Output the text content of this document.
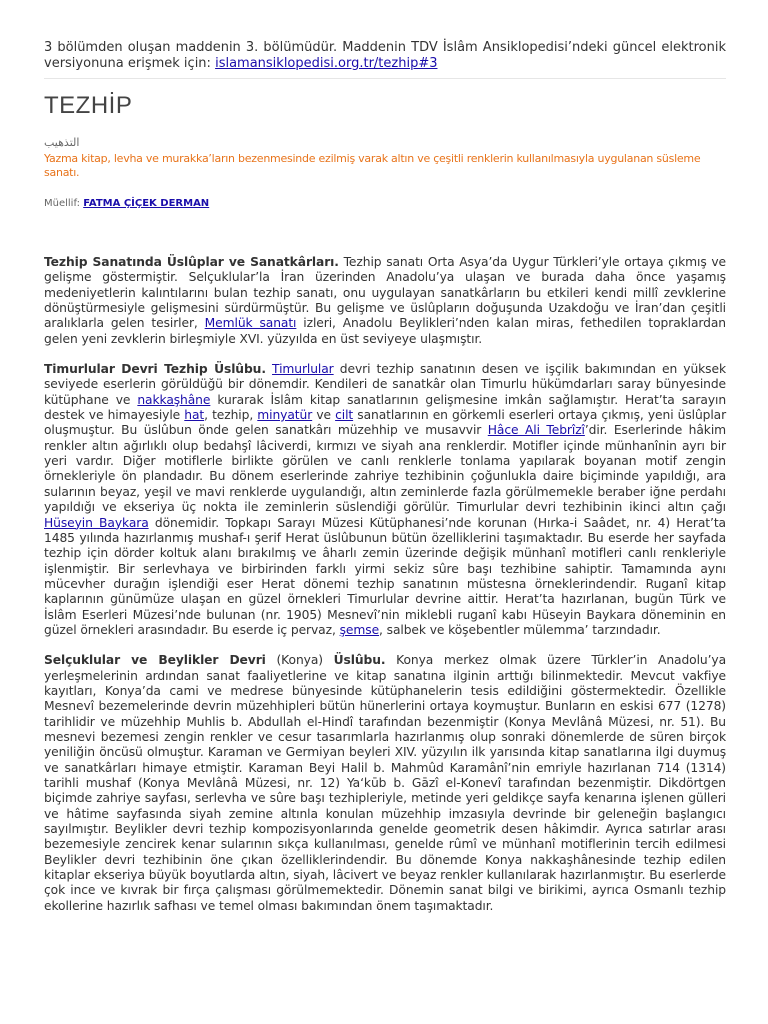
3 bölümden oluşan maddenin 3. bölümüdür. Maddenin TDV İslâm Ansiklopedisi’ndeki güncel elektronik versiyonuna erişmek için: islamansiklopedisi.org.tr/tezhip#3

TEZHİP

التذهيب

Yazma kitap, levha ve murakka’ların bezenmesinde ezilmiş varak altın ve çeşitli renklerin kullanılmasıyla uygulanan süsleme sanatı.

Müellif: FATMA ÇİÇEK DERMAN

Tezhip Sanatında Üslûplar ve Sanatkârları. Tezhip sanatı Orta Asya’da Uygur Türkleri’yle ortaya çıkmış ve gelişme göstermiştir. Selçuklular’la İran üzerinden Anadolu’ya ulaşan ve burada daha önce yaşamış medeniyetlerin kalıntılarını bulan tezhip sanatı, onu uygulayan sanatkârların bu etkileri kendi millî zevklerine dönüştürmesiyle gelişmesini sürdürmüştür. Bu gelişme ve üslûpların doğuşunda Uzakdoğu ve İran’dan çeşitli aralıklarla gelen tesirler, Memlük sanatı izleri, Anadolu Beylikleri’nden kalan miras, fethedilen topraklardan gelen yeni zevklerin birleşmiyle XVI. yüzyılda en üst seviyeye ulaşmıştır.

Timurlular Devri Tezhip Üslûbu. Timurlular devri tezhip sanatının desen ve işçilik bakımından en yüksek seviyede eserlerin görüldüğü bir dönemdir. Kendileri de sanatkâr olan Timurlu hükümdarları saray bünyesinde kütüphane ve nakkaşhâne kurarak İslâm kitap sanatlarının gelişmesine imkân sağlamıştır. Herat’ta sarayın destek ve himayesiyle hat, tezhip, minyatür ve cilt sanatlarının en görkemli eserleri ortaya çıkmış, yeni üslûplar oluşmuştur. Bu üslûbun önde gelen sanatkârı müzehhip ve musavvir Hâce Ali Tebrîzî’dir. Eserlerinde hâkim renkler altın ağırlıklı olup bedahşî lâciverdi, kırmızı ve siyah ana renklerdir. Motifler içinde münhanînin ayrı bir yeri vardır. Diğer motiflerle birlikte görülen ve canlı renklerle tonlama yapılarak boyanan motif zengin örnekleriyle ön plandadır. Bu dönem eserlerinde zahriye tezhibinin çoğunlukla daire biçiminde yapıldığı, ara sularının beyaz, yeşil ve mavi renklerde uygulandığı, altın zeminlerde fazla görülmemekle beraber iğne perdahı yapıldığı ve ekseriya üç nokta ile zeminlerin süslendiği görülür. Timurlular devri tezhibinin ikinci altın çağı Hüseyin Baykara dönemidir. Topkapı Sarayı Müzesi Kütüphanesi’nde korunan (Hırka-i Saâdet, nr. 4) Herat’ta 1485 yılında hazırlanmış mushaf-ı şerif Herat üslûbunun bütün özelliklerini taşımaktadır. Bu eserde her sayfada tezhip için dörder koltuk alanı bırakılmış ve âharlı zemin üzerinde değişik münhanî motifleri canlı renkleriyle işlenmiştir. Bir serlevhaya ve birbirinden farklı yirmi sekiz sûre başı tezhibine sahiptir. Tamamında aynı mücevher durağın işlendiği eser Herat dönemi tezhip sanatının müstesna örneklerindendir. Ruganî kitap kaplarının günümüze ulaşan en güzel örnekleri Timurlular devrine aittir. Herat’ta hazırlanan, bugün Türk ve İslâm Eserleri Müzesi’nde bulunan (nr. 1905) Mesnevî’nin miklebli ruganî kabı Hüseyin Baykara döneminin en güzel örnekleri arasındadır. Bu eserde iç pervaz, şemse, salbek ve köşebentler mülemma’ tarzındadır.

Selçuklular ve Beylikler Devri (Konya) Üslûbu. Konya merkez olmak üzere Türkler’in Anadolu’ya yerleşmelerinin ardından sanat faaliyetlerine ve kitap sanatına ilginin arttığı bilinmektedir. Mevcut vakfiye kayıtları, Konya’da cami ve medrese bünyesinde kütüphanelerin tesis edildiğini göstermektedir. Özellikle Mesnevî bezemelerinde devrin müzehhipleri bütün hünerlerini ortaya koymuştur. Bunların en eskisi 677 (1278) tarihlidir ve müzehhip Muhlis b. Abdullah el-Hindî tarafından bezenmiştir (Konya Mevlânâ Müzesi, nr. 51). Bu mesnevi bezemesi zengin renkler ve cesur tasarımlarla hazırlanmış olup sonraki dönemlerde de süren birçok yeniliğin öncüsü olmuştur. Karaman ve Germiyan beyleri XIV. yüzyılın ilk yarısında kitap sanatlarına ilgi duymuş ve sanatkârları himaye etmiştir. Karaman Beyi Halil b. Mahmûd Karamânî’nin emriyle hazırlanan 714 (1314) tarihli mushaf (Konya Mevlânâ Müzesi, nr. 12) Ya‘kūb b. Gāzî el-Konevî tarafından bezenmiştir. Dikdörtgen biçimde zahriye sayfası, serlevha ve sûre başı tezhipleriyle, metinde yeri geldikçe sayfa kenarına işlenen gülleri ve hâtime sayfasında siyah zemine altınla konulan müzehhip imzasıyla devrinde bir geleneğin başlangıcı sayılmıştır. Beylikler devri tezhip kompozisyonlarında genelde geometrik desen hâkimdir. Ayrıca satırlar arası bezemesiyle zencirek kenar sularının sıkça kullanılması, genelde rûmî ve münhanî motiflerinin tercih edilmesi Beylikler devri tezhibinin öne çıkan özelliklerindendir. Bu dönemde Konya nakkaşhânesinde tezhip edilen kitaplar ekseriya büyük boyutlarda altın, siyah, lâcivert ve beyaz renkler kullanılarak hazırlanmıştır. Bu eserlerde çok ince ve kıvrak bir fırça çalışması görülmemektedir. Dönemin sanat bilgi ve birikimi, ayrıca Osmanlı tezhip ekollerine hazırlık safhası ve temel olması bakımından önem taşımaktadır.
